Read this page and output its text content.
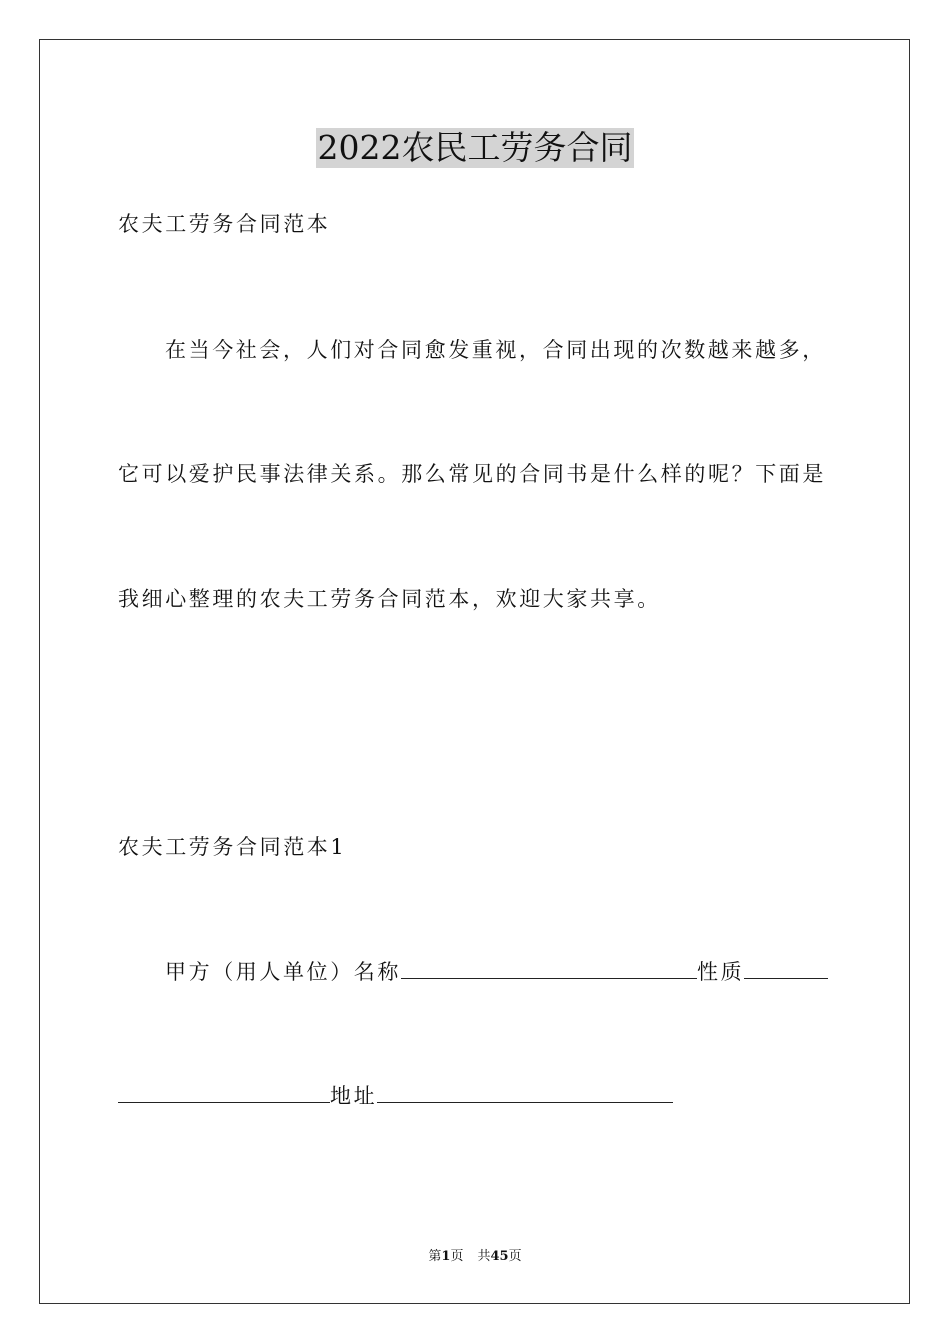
2022农民工劳务合同
农夫工劳务合同范本
在当今社会，人们对合同愈发重视，合同出现的次数越来越多，
它可以爱护民事法律关系。那么常见的合同书是什么样的呢？下面是
我细心整理的农夫工劳务合同范本，欢迎大家共享。
农夫工劳务合同范本1
甲方（用人单位）名称	性质
地址
第1页 共45页
